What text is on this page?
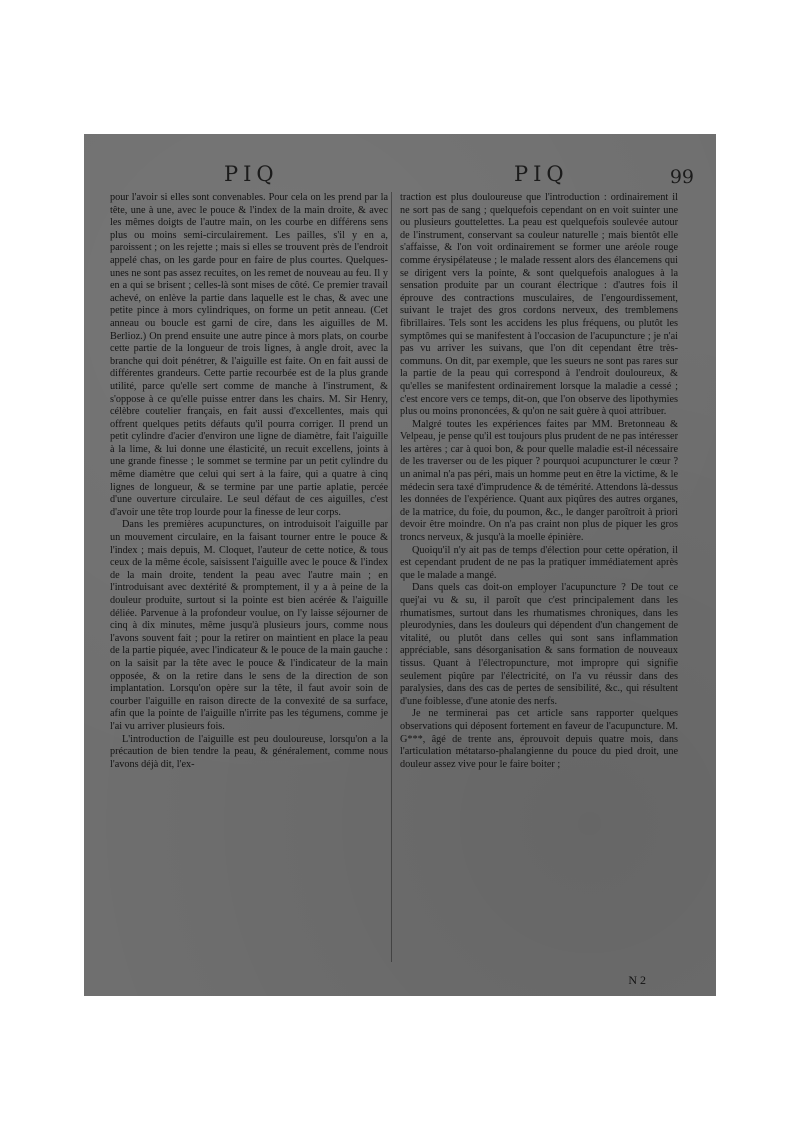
PIQ	PIQ	99

pour l'avoir si elles sont convenables. Pour cela on les prend par la tête, une à une, avec le pouce & l'index de la main droite, & avec les mêmes doigts de l'autre main, on les courbe en différens sens plus ou moins semi-circulairement. Les pailles, s'il y en a, paroissent ; on les rejette ; mais si elles se trouvent près de l'endroit appelé chas, on les garde pour en faire de plus courtes. Quelques-unes ne sont pas assez recuites, on les remet de nouveau au feu. Il y en a qui se brisent ; celles-là sont mises de côté. Ce premier travail achevé, on enlève la partie dans laquelle est le chas, & avec une petite pince à mors cylindriques, on forme un petit anneau. (Cet anneau ou boucle est garni de cire, dans les aiguilles de M. Berlioz.) On prend ensuite une autre pince à mors plats, on courbe cette partie de la longueur de trois lignes, à angle droit, avec la branche qui doit pénétrer, & l'aiguille est faite. On en fait aussi de différentes grandeurs. Cette partie recourbée est de la plus grande utilité, parce qu'elle sert comme de manche à l'instrument, & s'oppose à ce qu'elle puisse entrer dans les chairs. M. Sir Henry, célèbre coutelier français, en fait aussi d'excellentes, mais qui offrent quelques petits défauts qu'il pourra corriger. Il prend un petit cylindre d'acier d'environ une ligne de diamètre, fait l'aiguille à la lime, & lui donne une élasticité, un recuit excellens, joints à une grande finesse ; le sommet se termine par un petit cylindre du même diamètre que celui qui sert à la faire, qui a quatre à cinq lignes de longueur, & se termine par une partie aplatie, percée d'une ouverture circulaire. Le seul défaut de ces aiguilles, c'est d'avoir une tête trop lourde pour la finesse de leur corps.

Dans les premières acupunctures, on introduisoit l'aiguille par un mouvement circulaire, en la faisant tourner entre le pouce & l'index ; mais depuis, M. Cloquet, l'auteur de cette notice, & tous ceux de la même école, saisissent l'aiguille avec le pouce & l'index de la main droite, tendent la peau avec l'autre main ; en l'introduisant avec dextérité & promptement, il y a à peine de la douleur produite, surtout si la pointe est bien acérée & l'aiguille déliée. Parvenue à la profondeur voulue, on l'y laisse séjourner de cinq à dix minutes, même jusqu'à plusieurs jours, comme nous l'avons souvent fait ; pour la retirer on maintient en place la peau de la partie piquée, avec l'indicateur & le pouce de la main gauche : on la saisit par la tête avec le pouce & l'indicateur de la main opposée, & on la retire dans le sens de la direction de son implantation. Lorsqu'on opère sur la tête, il faut avoir soin de courber l'aiguille en raison directe de la convexité de sa surface, afin que la pointe de l'aiguille n'irrite pas les tégumens, comme je l'ai vu arriver plusieurs fois.

L'introduction de l'aiguille est peu douloureuse, lorsqu'on a la précaution de bien tendre la peau, & généralement, comme nous l'avons déjà dit, l'ex-

traction est plus douloureuse que l'introduction : ordinairement il ne sort pas de sang ; quelquefois cependant on en voit suinter une ou plusieurs gouttelettes. La peau est quelquefois soulevée autour de l'instrument, conservant sa couleur naturelle ; mais bientôt elle s'affaisse, & l'on voit ordinairement se former une aréole rouge comme érysipélateuse ; le malade ressent alors des élancemens qui se dirigent vers la pointe, & sont quelquefois analogues à la sensation produite par un courant électrique : d'autres fois il éprouve des contractions musculaires, de l'engourdissement, suivant le trajet des gros cordons nerveux, des tremblemens fibrillaires. Tels sont les accidens les plus fréquens, ou plutôt les symptômes qui se manifestent à l'occasion de l'acupuncture ; je n'ai pas vu arriver les suivans, que l'on dit cependant être très-communs. On dit, par exemple, que les sueurs ne sont pas rares sur la partie de la peau qui correspond à l'endroit douloureux, & qu'elles se manifestent ordinairement lorsque la maladie a cessé ; c'est encore vers ce temps, dit-on, que l'on observe des lipothymies plus ou moins prononcées, & qu'on ne sait guère à quoi attribuer.

Malgré toutes les expériences faites par MM. Bretonneau & Velpeau, je pense qu'il est toujours plus prudent de ne pas intéresser les artères ; car à quoi bon, & pour quelle maladie est-il nécessaire de les traverser ou de les piquer ? pourquoi acupuncturer le cœur ? un animal n'a pas péri, mais un homme peut en être la victime, & le médecin sera taxé d'imprudence & de témérité. Attendons là-dessus les données de l'expérience. Quant aux piqûres des autres organes, de la matrice, du foie, du poumon, &c., le danger paroîtroit à priori devoir être moindre. On n'a pas craint non plus de piquer les gros troncs nerveux, & jusqu'à la moelle épinière.

Quoiqu'il n'y ait pas de temps d'élection pour cette opération, il est cependant prudent de ne pas la pratiquer immédiatement après que le malade a mangé.

Dans quels cas doit-on employer l'acupuncture ? De tout ce quej'ai vu & su, il paroît que c'est principalement dans les rhumatismes, surtout dans les rhumatismes chroniques, dans les pleurodynies, dans les douleurs qui dépendent d'un changement de vitalité, ou plutôt dans celles qui sont sans inflammation appréciable, sans désorganisation & sans formation de nouveaux tissus. Quant à l'électropuncture, mot impropre qui signifie seulement piqûre par l'électricité, on l'a vu réussir dans des paralysies, dans des cas de pertes de sensibilité, &c., qui résultent d'une foiblesse, d'une atonie des nerfs.

Je ne terminerai pas cet article sans rapporter quelques observations qui déposent fortement en faveur de l'acupuncture. M. G***, âgé de trente ans, éprouvoit depuis quatre mois, dans l'articulation métatarso-phalangienne du pouce du pied droit, une douleur assez vive pour le faire boiter ;

N 2
